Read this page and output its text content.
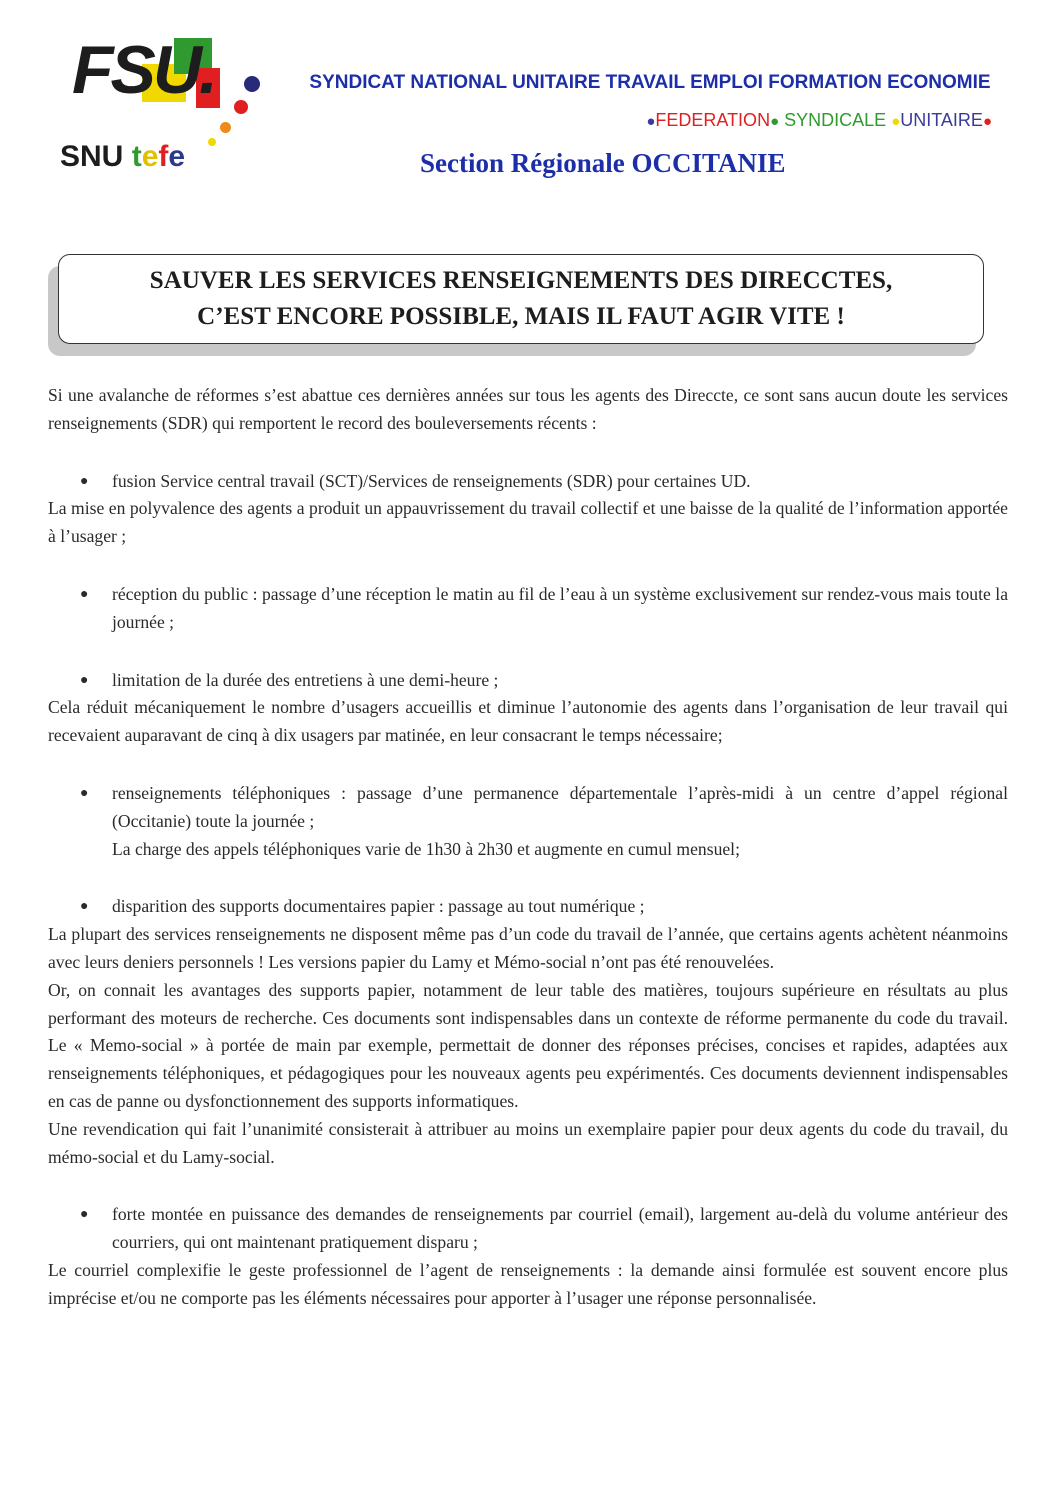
FSU.
SNU tefe
SYNDICAT NATIONAL UNITAIRE TRAVAIL EMPLOI FORMATION ECONOMIE
●FEDERATION● SYNDICALE ●UNITAIRE●
Section Régionale OCCITANIE
SAUVER LES SERVICES RENSEIGNEMENTS DES DIRECCTES,
C’EST ENCORE POSSIBLE, MAIS IL FAUT AGIR VITE !

Si une avalanche de réformes s’est abattue ces dernières années sur tous les agents des Direccte, ce sont sans aucun doute les services renseignements (SDR) qui remportent le record des bouleversements récents :

● fusion Service central travail (SCT)/Services de renseignements (SDR) pour certaines UD.

La mise en polyvalence des agents a produit un appauvrissement du travail collectif et une baisse de la qualité de l’information apportée à l’usager ;

● réception du public : passage d’une réception le matin au fil de l’eau à un système exclusivement sur rendez-vous mais toute la journée ;

● limitation de la durée des entretiens à une demi-heure ;

Cela réduit mécaniquement le nombre d’usagers accueillis et diminue l’autonomie des agents dans l’organisation de leur travail qui recevaient auparavant de cinq à dix usagers par matinée, en leur consacrant le temps nécessaire;

● renseignements téléphoniques : passage d’une permanence départementale l’après-midi à un centre d’appel régional (Occitanie) toute la journée ;

La charge des appels téléphoniques varie de 1h30 à 2h30 et augmente en cumul mensuel;

● disparition des supports documentaires papier : passage au tout numérique ;

La plupart des services renseignements ne disposent même pas d’un code du travail de l’année, que certains agents achètent néanmoins avec leurs deniers personnels ! Les versions papier du Lamy et Mémo-social n’ont pas été renouvelées.

Or, on connait les avantages des supports papier, notamment de leur table des matières, toujours supérieure en résultats au plus performant des moteurs de recherche. Ces documents sont indispensables dans un contexte de réforme permanente du code du travail. Le « Memo-social » à portée de main par exemple, permettait de donner des réponses précises, concises et rapides, adaptées aux renseignements téléphoniques, et pédagogiques pour les nouveaux agents peu expérimentés. Ces documents deviennent indispensables en cas de panne ou dysfonctionnement des supports informatiques.

Une revendication qui fait l’unanimité consisterait à attribuer au moins un exemplaire papier pour deux agents du code du travail, du mémo-social et du Lamy-social.

● forte montée en puissance des demandes de renseignements par courriel (email), largement au-delà du volume antérieur des courriers, qui ont maintenant pratiquement disparu ;

Le courriel complexifie le geste professionnel de l’agent de renseignements : la demande ainsi formulée est souvent encore plus imprécise et/ou ne comporte pas les éléments nécessaires pour apporter à l’usager une réponse personnalisée.
